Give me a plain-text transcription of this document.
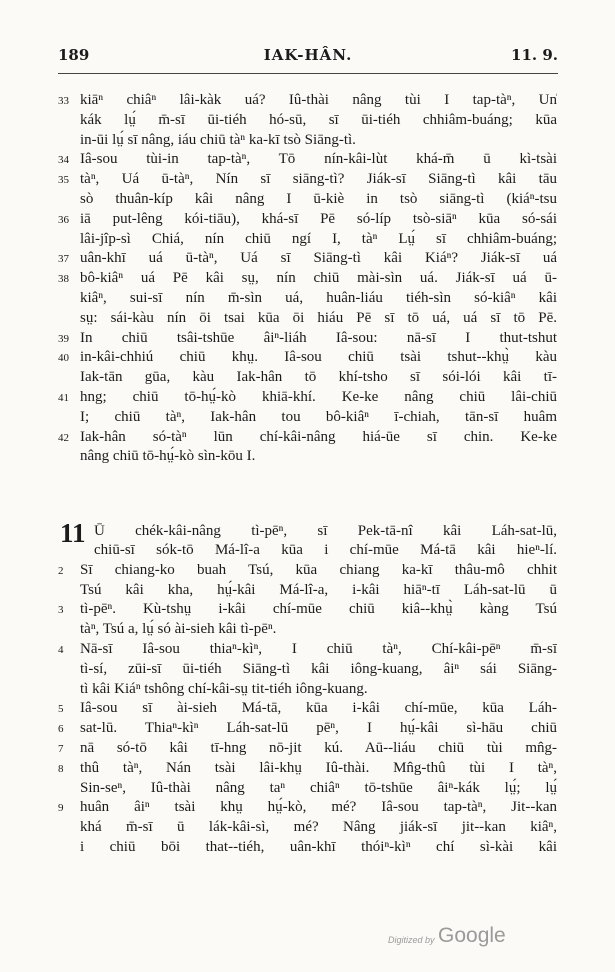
189	IAK-HÂN.	11. 9.
kiāⁿ chiâⁿ lâi-kàk uá? Iû-thài nâng tùi I tap-tàⁿ, Un̍
33
kák lṳ́ m̄-sī ūi-tiéh hó-sū, sī ūi-tiéh chhiâm-buáng; kūa
in-ūi lṳ́ sī nâng, iáu chiū tàⁿ ka-kī tsò Siāng-tì.
Iâ-sou tùi-in tap-tàⁿ, Tō nín-kâi-lùt khá-m̄ ū kì-tsài
34
tàⁿ, Uá ū-tàⁿ, Nín sī siāng-tì? Jiák-sī Siāng-tì kâi tāu
35
sò thuân-kíp kâi nâng I ū-kiè in tsò siāng-tì (kiáⁿ-tsu
iā put-lêng kói-tiāu), khá-sī Pē só-líp tsò-siāⁿ kūa só-sái
36
lâi-jîp-sì Chiá, nín chiū ngí I, tàⁿ Lṳ́ sī chhiâm-buáng;
uân-khī uá ū-tàⁿ, Uá sī Siāng-tì kâi Kiáⁿ? Jiák-sī uá
37
bô-kiâⁿ uá Pē kâi sṳ, nín chiū mài-sìn uá. Jiák-sī uá ū-
38
kiâⁿ, sui-sī nín m̄-sìn uá, huân-liáu tiéh-sìn só-kiâⁿ kâi
sṳ: sái-kàu nín ōi tsai kūa ōi hiáu Pē sī tō uá, uá sī tō Pē.
In chiū tsâi-tshūe âiⁿ-liáh Iâ-sou: nā-sī I thut-tshut
39
in-kâi-chhiú chiū khṳ. Iâ-sou chiū tsài tshut--khṳ̀ kàu
40
Iak-tān gūa, kàu Iak-hân tō khí-tsho sī sói-lói kâi tī-
hng; chiū tō-hṳ́-kò khiā-khí. Ke-ke nâng chiū lâi-chiū
41
I; chiū tàⁿ, Iak-hân tou bô-kiâⁿ ī-chiah, tān-sī huâm
Iak-hân só-tàⁿ lūn chí-kâi-nâng hiá-ūe sī chin. Ke-ke
42
nâng chiū tō-hṳ́-kò sìn-kōu I.
Ū chék-kâi-nâng tì-pēⁿ, sī Pek-tā-nî kâi Láh-sat-lū,
chiū-sī sók-tō Má-lî-a kūa i chí-mūe Má-tā kâi hieⁿ-lí.
Sī chiang-ko buah Tsú, kūa chiang ka-kī thâu-mô chhit
2
Tsú kâi kha, hṳ́-kâi Má-lî-a, i-kâi hiāⁿ-tī Láh-sat-lū ū
tì-pēⁿ. Kù-tshṳ i-kâi chí-mūe chiū kiâ--khṳ̀ kàng Tsú
3
tàⁿ, Tsú a, lṳ́ só ài-sieh kâi tì-pēⁿ.
Nā-sī Iâ-sou thiaⁿ-kìⁿ, I chiū tàⁿ, Chí-kâi-pēⁿ m̄-sī
4
tì-sí, zūi-sī ūi-tiéh Siāng-tì kâi iông-kuang, âiⁿ sái Siāng-
tì kâi Kiáⁿ tshông chí-kâi-sṳ tit-tiéh iông-kuang.
Iâ-sou sī ài-sieh Má-tā, kūa i-kâi chí-mūe, kūa Láh-
5
sat-lū. Thiaⁿ-kìⁿ Láh-sat-lū pēⁿ, I hṳ́-kâi sì-hāu chiū
6
nā só-tō kâi tī-hng nō-jit kú. Aū--liáu chiū tùi mn̂g-
7
thû tàⁿ, Nán tsài lâi-khṳ Iû-thài. Mn̂g-thû tùi I tàⁿ,
8
Sin-seⁿ, Iû-thài nâng taⁿ chiâⁿ tō-tshūe âiⁿ-kák lṳ́; lṳ́
huân âiⁿ tsài khṳ hṳ́-kò, mé? Iâ-sou tap-tàⁿ, Jit--kan
9
khá m̄-sī ū lák-kâi-sì, mé? Nâng jiák-sī jit--kan kiâⁿ,
i chiū bōi that--tiéh, uân-khī thóiⁿ-kìⁿ chí sì-kài kâi
11
Digitized by Google
